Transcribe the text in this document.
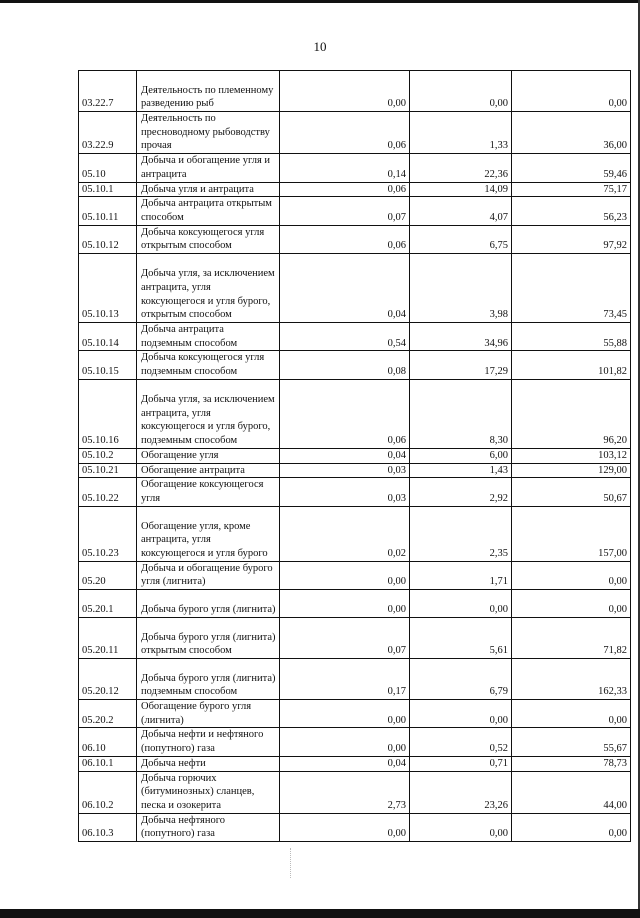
10
03.22.7	Деятельность по племенному разведению рыб	0,00	0,00	0,00
03.22.9	Деятельность по пресноводному рыбоводству прочая	0,06	1,33	36,00
05.10	Добыча и обогащение угля и антрацита	0,14	22,36	59,46
05.10.1	Добыча угля и антрацита	0,06	14,09	75,17
05.10.11	Добыча антрацита открытым способом	0,07	4,07	56,23
05.10.12	Добыча коксующегося угля открытым способом	0,06	6,75	97,92
05.10.13	Добыча угля, за исключением антрацита, угля коксующегося и угля бурого, открытым способом	0,04	3,98	73,45
05.10.14	Добыча антрацита подземным способом	0,54	34,96	55,88
05.10.15	Добыча коксующегося угля подземным способом	0,08	17,29	101,82
05.10.16	Добыча угля, за исключением антрацита, угля коксующегося и угля бурого, подземным способом	0,06	8,30	96,20
05.10.2	Обогащение угля	0,04	6,00	103,12
05.10.21	Обогащение антрацита	0,03	1,43	129,00
05.10.22	Обогащение коксующегося угля	0,03	2,92	50,67
05.10.23	Обогащение угля, кроме антрацита, угля коксующегося и угля бурого	0,02	2,35	157,00
05.20	Добыча и обогащение бурого угля (лигнита)	0,00	1,71	0,00
05.20.1	Добыча бурого угля (лигнита)	0,00	0,00	0,00
05.20.11	Добыча бурого угля (лигнита) открытым способом	0,07	5,61	71,82
05.20.12	Добыча бурого угля (лигнита) подземным способом	0,17	6,79	162,33
05.20.2	Обогащение бурого угля (лигнита)	0,00	0,00	0,00
06.10	Добыча нефти и нефтяного (попутного) газа	0,00	0,52	55,67
06.10.1	Добыча нефти	0,04	0,71	78,73
06.10.2	Добыча горючих (битуминозных) сланцев, песка и озокерита	2,73	23,26	44,00
06.10.3	Добыча нефтяного (попутного) газа	0,00	0,00	0,00
